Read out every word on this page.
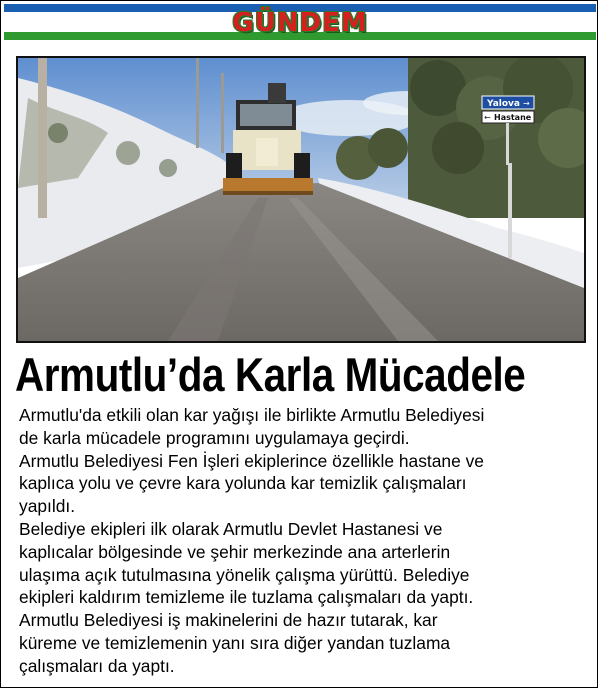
GÜNDEM
Yalova →
← Hastane
Armutlu’da Karla Mücadele
Armutlu'da etkili olan kar yağışı ile birlikte Armutlu Belediyesi
de karla mücadele programını uygulamaya geçirdi.
Armutlu Belediyesi Fen İşleri ekiplerince özellikle hastane ve
kaplıca yolu ve çevre kara yolunda kar temizlik çalışmaları
yapıldı.
Belediye ekipleri ilk olarak Armutlu Devlet Hastanesi ve
kaplıcalar bölgesinde ve şehir merkezinde ana arterlerin
ulaşıma açık tutulmasına yönelik çalışma yürüttü. Belediye
ekipleri kaldırım temizleme ile tuzlama çalışmaları da yaptı.
Armutlu Belediyesi iş makinelerini de hazır tutarak, kar
küreme ve temizlemenin yanı sıra diğer yandan tuzlama
çalışmaları da yaptı.
